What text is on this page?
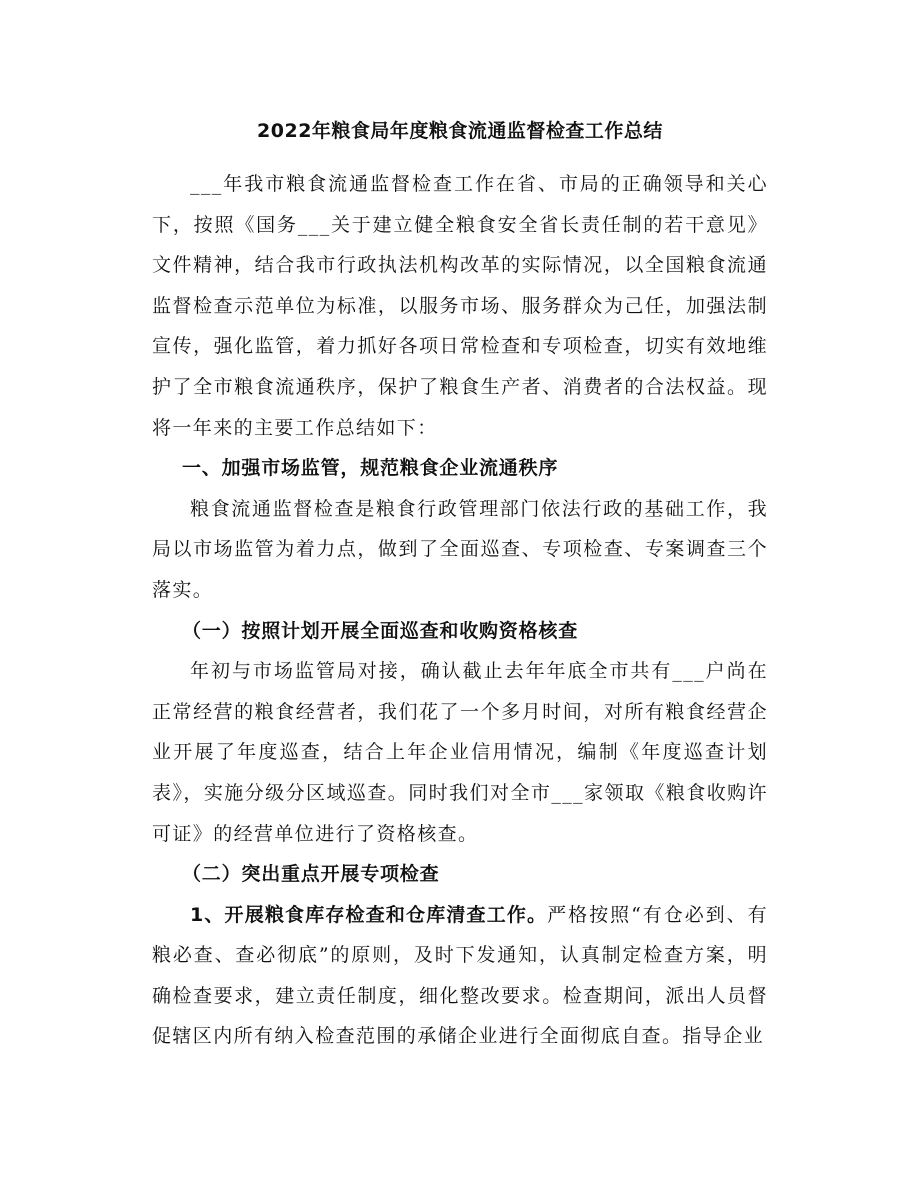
2022年粮食局年度粮食流通监督检查工作总结

___年我市粮食流通监督检查工作在省、市局的正确领导和关心下，按照《国务___关于建立健全粮食安全省长责任制的若干意见》文件精神，结合我市行政执法机构改革的实际情况，以全国粮食流通监督检查示范单位为标准，以服务市场、服务群众为己任，加强法制宣传，强化监管，着力抓好各项日常检查和专项检查，切实有效地维护了全市粮食流通秩序，保护了粮食生产者、消费者的合法权益。现将一年来的主要工作总结如下：

一、加强市场监管，规范粮食企业流通秩序

粮食流通监督检查是粮食行政管理部门依法行政的基础工作，我局以市场监管为着力点，做到了全面巡查、专项检查、专案调查三个落实。

（一）按照计划开展全面巡查和收购资格核查

年初与市场监管局对接，确认截止去年年底全市共有___户尚在正常经营的粮食经营者，我们花了一个多月时间，对所有粮食经营企业开展了年度巡查，结合上年企业信用情况，编制《年度巡查计划表》，实施分级分区域巡查。同时我们对全市___家领取《粮食收购许可证》的经营单位进行了资格核查。

（二）突出重点开展专项检查

1、开展粮食库存检查和仓库清查工作。严格按照“有仓必到、有粮必查、查必彻底”的原则，及时下发通知，认真制定检查方案，明确检查要求，建立责任制度，细化整改要求。检查期间，派出人员督促辖区内所有纳入检查范围的承储企业进行全面彻底自查。指导企业
